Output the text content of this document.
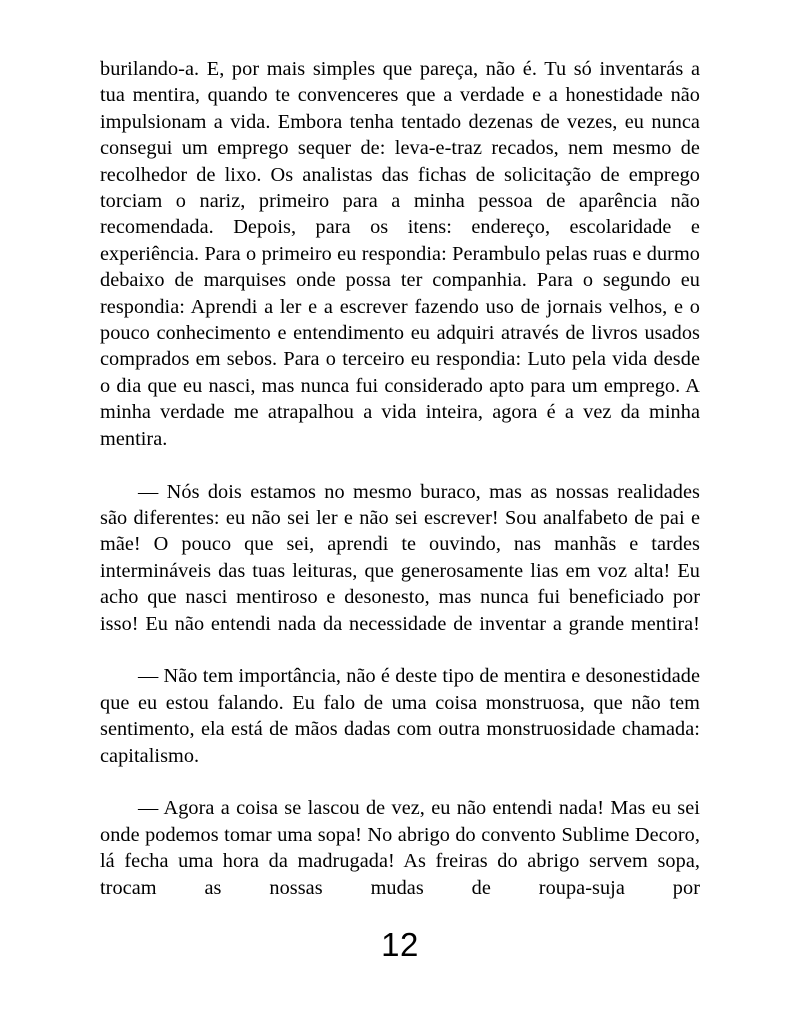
burilando-a. E, por mais simples que pareça, não é. Tu só inventarás a tua mentira, quando te convenceres que a verdade e a honestidade não impulsionam a vida. Embora tenha tentado dezenas de vezes, eu nunca consegui um emprego sequer de: leva-e-traz recados, nem mesmo de recolhedor de lixo. Os analistas das fichas de solicitação de emprego torciam o nariz, primeiro para a minha pessoa de aparência não recomendada. Depois, para os itens: endereço, escolaridade e experiência. Para o primeiro eu respondia: Perambulo pelas ruas e durmo debaixo de marquises onde possa ter companhia. Para o segundo eu respondia: Aprendi a ler e a escrever fazendo uso de jornais velhos, e o pouco conhecimento e entendimento eu adquiri através de livros usados comprados em sebos. Para o terceiro eu respondia: Luto pela vida desde o dia que eu nasci, mas nunca fui considerado apto para um emprego. A minha verdade me atrapalhou a vida inteira, agora é a vez da minha mentira.

— Nós dois estamos no mesmo buraco, mas as nossas realidades são diferentes: eu não sei ler e não sei escrever! Sou analfabeto de pai e mãe! O pouco que sei, aprendi te ouvindo, nas manhãs e tardes intermináveis das tuas leituras, que generosamente lias em voz alta! Eu acho que nasci mentiroso e desonesto, mas nunca fui beneficiado por isso! Eu não entendi nada da necessidade de inventar a grande mentira!

— Não tem importância, não é deste tipo de mentira e desonestidade que eu estou falando. Eu falo de uma coisa monstruosa, que não tem sentimento, ela está de mãos dadas com outra monstruosidade chamada: capitalismo.

— Agora a coisa se lascou de vez, eu não entendi nada! Mas eu sei onde podemos tomar uma sopa! No abrigo do convento Sublime Decoro, lá fecha uma hora da madrugada! As freiras do abrigo servem sopa, trocam as nossas mudas de roupa-suja por

12
